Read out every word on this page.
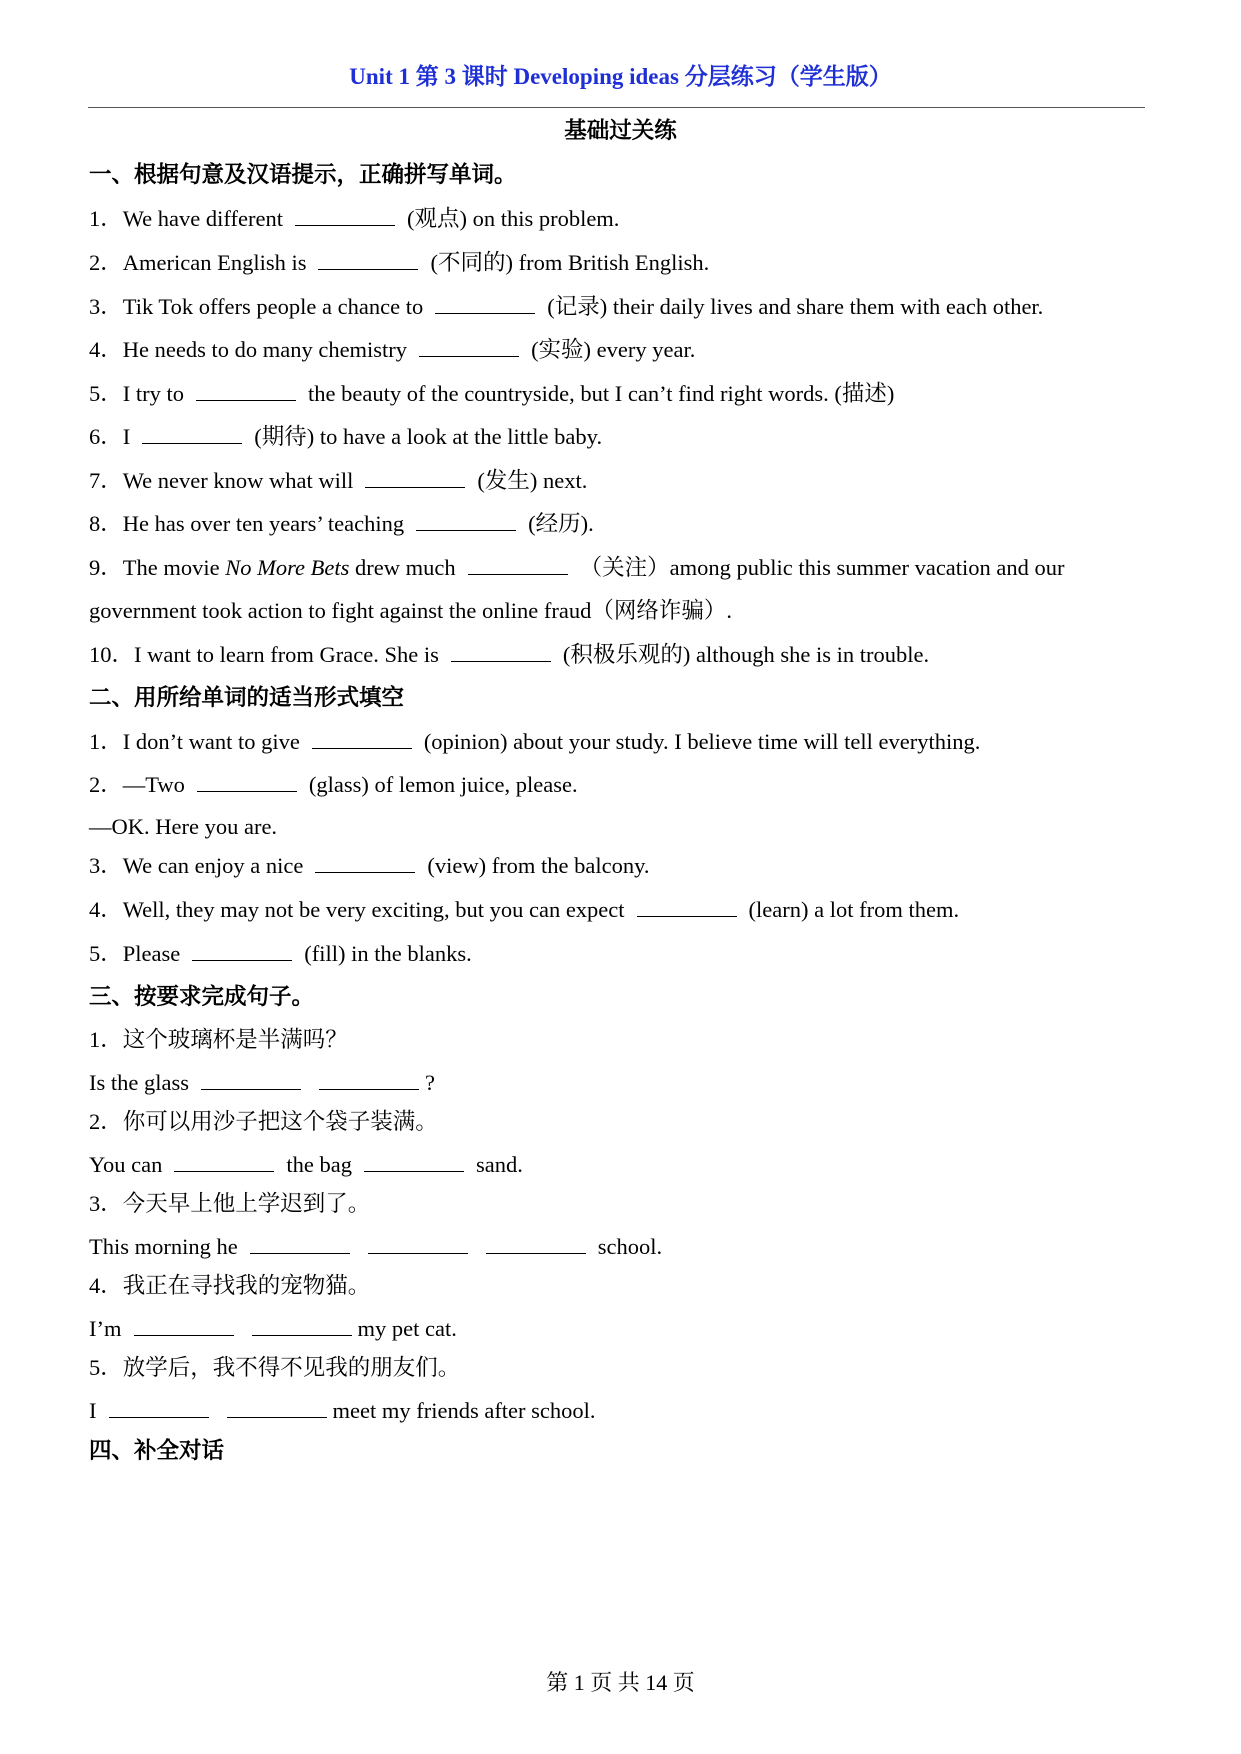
Unit 1 第 3 课时 Developing ideas 分层练习（学生版）
基础过关练
一、根据句意及汉语提示，正确拼写单词。
1．We have different	(观点) on this problem.
2．American English is	(不同的) from British English.
3．Tik Tok offers people a chance to	(记录) their daily lives and share them with each other.
4．He needs to do many chemistry	(实验) every year.
5．I try to	the beauty of the countryside, but I can’t find right words. (描述)
6．I	(期待) to have a look at the little baby.
7．We never know what will	(发生) next.
8．He has over ten years’ teaching	(经历).
9．The movie No More Bets drew much	（关注）among public this summer vacation and our
government took action to fight against the online fraud（网络诈骗）.
10．I want to learn from Grace. She is	(积极乐观的) although she is in trouble.
二、用所给单词的适当形式填空
1．I don’t want to give	(opinion) about your study. I believe time will tell everything.
2．—Two	(glass) of lemon juice, please.
—OK. Here you are.
3．We can enjoy a nice	(view) from the balcony.
4．Well, they may not be very exciting, but you can expect	(learn) a lot from them.
5．Please	(fill) in the blanks.
三、按要求完成句子。
1．这个玻璃杯是半满吗？
Is the glass	?
2．你可以用沙子把这个袋子装满。
You can	the bag	sand.
3．今天早上他上学迟到了。
This morning he	school.
4．我正在寻找我的宠物猫。
I’m	my pet cat.
5．放学后，我不得不见我的朋友们。
I	meet my friends after school.
四、补全对话
第 1 页 共 14 页
